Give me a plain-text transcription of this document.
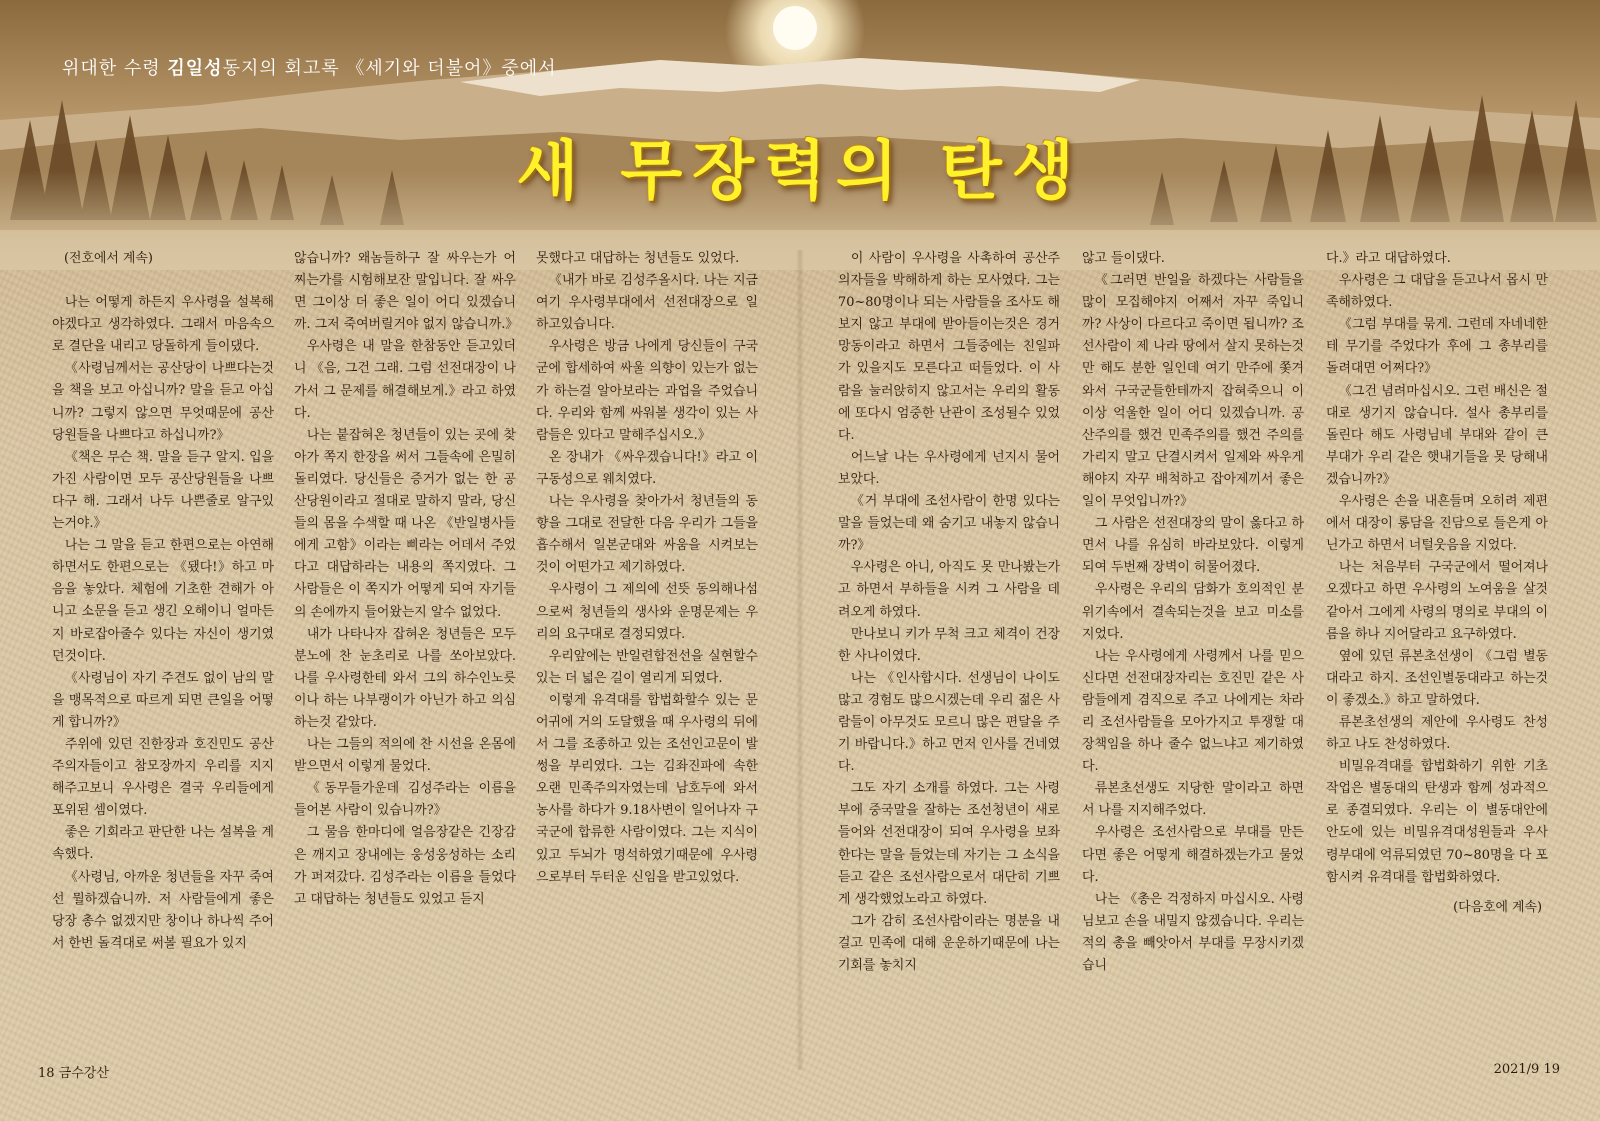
위대한 수령 김일성동지의 회고록 《세기와 더불어》중에서
새 무장력의 탄생

(전호에서 계속)

나는 어떻게 하든지 우사령을 설복해야겠다고 생각하였다. 그래서 마음속으로 결단을 내리고 당돌하게 들이댔다.

《사령님께서는 공산당이 나쁘다는것을 책을 보고 아십니까? 말을 듣고 아십니까? 그렇지 않으면 무엇때문에 공산당원들을 나쁘다고 하십니까?》

《책은 무슨 책. 말을 듣구 알지. 입을 가진 사람이면 모두 공산당원들을 나쁘다구 해. 그래서 나두 나쁜줄로 알구있는거야.》

나는 그 말을 듣고 한편으로는 아연해하면서도 한편으로는 《됐다!》하고 마음을 놓았다. 체험에 기초한 견해가 아니고 소문을 듣고 생긴 오해이니 얼마든지 바로잡아줄수 있다는 자신이 생기였던것이다.

《사령님이 자기 주견도 없이 남의 말을 맹목적으로 따르게 되면 큰일을 어떻게 합니까?》

주위에 있던 진한장과 호진민도 공산주의자들이고 참모장까지 우리를 지지해주고보니 우사령은 결국 우리들에게 포위된 셈이였다.

좋은 기회라고 판단한 나는 설복을 계속했다.

《사령님, 아까운 청년들을 자꾸 죽여선 뭘하겠습니까. 저 사람들에게 좋은 당장 총수 없겠지만 창이나 하나씩 주어서 한번 돌격대로 써볼 필요가 있지

않습니까? 왜놈들하구 잘 싸우는가 어찌는가를 시험해보잔 말입니다. 잘 싸우면 그이상 더 좋은 일이 어디 있겠습니까. 그저 죽여버릴거야 없지 않습니까.》

우사령은 내 말을 한참동안 듣고있더니 《음, 그건 그래. 그럼 선전대장이 나가서 그 문제를 해결해보게.》라고 하였다.

나는 붙잡혀온 청년들이 있는 곳에 찾아가 쪽지 한장을 써서 그들속에 은밀히 돌리였다. 당신들은 증거가 없는 한 공산당원이라고 절대로 말하지 말라, 당신들의 몸을 수색할 때 나온 《반일병사들에게 고함》이라는 삐라는 어데서 주었다고 대답하라는 내용의 쪽지였다. 그 사람들은 이 쪽지가 어떻게 되여 자기들의 손에까지 들어왔는지 알수 없었다.

내가 나타나자 잡혀온 청년들은 모두 분노에 찬 눈초리로 나를 쏘아보았다. 나를 우사령한테 와서 그의 하수인노릇이나 하는 나부랭이가 아닌가 하고 의심하는것 같았다.

나는 그들의 적의에 찬 시선을 온몸에 받으면서 이렇게 물었다.

《동무들가운데 김성주라는 이름을 들어본 사람이 있습니까?》

그 물음 한마디에 얼음장같은 긴장감은 깨지고 장내에는 웅성웅성하는 소리가 퍼져갔다. 김성주라는 이름을 들었다고 대답하는 청년들도 있었고 듣지

못했다고 대답하는 청년들도 있었다.

《내가 바로 김성주올시다. 나는 지금 여기 우사령부대에서 선전대장으로 일하고있습니다.

우사령은 방금 나에게 당신들이 구국군에 합세하여 싸울 의향이 있는가 없는가 하는걸 알아보라는 과업을 주었습니다. 우리와 함께 싸워볼 생각이 있는 사람들은 있다고 말해주십시오.》

온 장내가 《싸우겠습니다!》라고 이구동성으로 웨치였다.

나는 우사령을 찾아가서 청년들의 동향을 그대로 전달한 다음 우리가 그들을 흡수해서 일본군대와 싸움을 시켜보는것이 어떤가고 제기하였다.

우사령이 그 제의에 선뜻 동의해나섬으로써 청년들의 생사와 운명문제는 우리의 요구대로 결정되였다.

우리앞에는 반일련합전선을 실현할수 있는 더 넓은 길이 열리게 되였다.

이렇게 유격대를 합법화할수 있는 문어귀에 거의 도달했을 때 우사령의 뒤에서 그를 조종하고 있는 조선인고문이 발썽을 부리였다. 그는 김좌진파에 속한 오랜 민족주의자였는데 남호두에 와서 농사를 하다가 9.18사변이 일어나자 구국군에 합류한 사람이였다. 그는 지식이 있고 두뇌가 명석하였기때문에 우사령으로부터 두터운 신임을 받고있었다.

이 사람이 우사령을 사촉하여 공산주의자들을 박해하게 하는 모사였다. 그는 70~80명이나 되는 사람들을 조사도 해보지 않고 부대에 받아들이는것은 경거망동이라고 하면서 그들중에는 친일파가 있을지도 모른다고 떠들었다. 이 사람을 눌러앉히지 않고서는 우리의 활동에 또다시 엄중한 난관이 조성될수 있었다.

어느날 나는 우사령에게 넌지시 물어보았다.

《거 부대에 조선사람이 한명 있다는 말을 들었는데 왜 숨기고 내놓지 않습니까?》

우사령은 아니, 아직도 못 만나봤는가고 하면서 부하들을 시켜 그 사람을 데려오게 하였다.

만나보니 키가 무척 크고 체격이 건장한 사나이였다.

나는 《인사합시다. 선생님이 나이도 많고 경험도 많으시겠는데 우리 젊은 사람들이 아무것도 모르니 많은 편달을 주기 바랍니다.》하고 먼저 인사를 건네였다.

그도 자기 소개를 하였다. 그는 사령부에 중국말을 잘하는 조선청년이 새로 들어와 선전대장이 되여 우사령을 보좌한다는 말을 들었는데 자기는 그 소식을 듣고 같은 조선사람으로서 대단히 기쁘게 생각했었노라고 하였다.

그가 감히 조선사람이라는 명분을 내걸고 민족에 대해 운운하기때문에 나는 기회를 놓치지

않고 들이댔다.

《그러면 반일을 하겠다는 사람들을 많이 모집해야지 어째서 자꾸 죽입니까? 사상이 다르다고 죽이면 됩니까? 조선사람이 제 나라 땅에서 살지 못하는것만 해도 분한 일인데 여기 만주에 쫓겨와서 구국군들한테까지 잡혀죽으니 이 이상 억울한 일이 어디 있겠습니까. 공산주의를 했건 민족주의를 했건 주의를 가리지 말고 단결시켜서 일제와 싸우게 해야지 자꾸 배척하고 잡아제끼서 좋은 일이 무엇입니까?》

그 사람은 선전대장의 말이 옳다고 하면서 나를 유심히 바라보았다. 이렇게 되여 두번째 장벽이 허물어졌다.

우사령은 우리의 담화가 호의적인 분위기속에서 결속되는것을 보고 미소를 지었다.

나는 우사령에게 사령께서 나를 믿으신다면 선전대장자리는 호진민 같은 사람들에게 겸직으로 주고 나에게는 차라리 조선사람들을 모아가지고 투쟁할 대장책임을 하나 줄수 없느냐고 제기하였다.

류본초선생도 지당한 말이라고 하면서 나를 지지해주었다.

우사령은 조선사람으로 부대를 만든다면 좋은 어떻게 해결하겠는가고 물었다.

나는 《총은 걱정하지 마십시오. 사령님보고 손을 내밀지 않겠습니다. 우리는 적의 총을 빼앗아서 부대를 무장시키겠습니

다.》라고 대답하였다.

우사령은 그 대답을 듣고나서 몹시 만족해하였다.

《그럼 부대를 묶게. 그런데 자네네한테 무기를 주었다가 후에 그 총부리를 돌려대면 어쩌다?》

《그건 념려마십시오. 그런 배신은 절대로 생기지 않습니다. 설사 총부리를 돌린다 해도 사령님네 부대와 같이 큰 부대가 우리 같은 햇내기들을 못 당해내겠습니까?》

우사령은 손을 내흔들며 오히려 제편에서 대장이 롱담을 진담으로 들은게 아닌가고 하면서 너털웃음을 지었다.

나는 처음부터 구국군에서 떨어져나오겠다고 하면 우사령의 노여움을 살것 같아서 그에게 사령의 명의로 부대의 이름을 하나 지어달라고 요구하였다.

옆에 있던 류본초선생이 《그럼 별동대라고 하지. 조선인별동대라고 하는것이 좋겠소.》하고 말하였다.

류본초선생의 제안에 우사령도 찬성하고 나도 찬성하였다.

비밀유격대를 합법화하기 위한 기초작업은 별동대의 탄생과 함께 성과적으로 종결되였다. 우리는 이 별동대안에 안도에 있는 비밀유격대성원들과 우사령부대에 억류되였던 70~80명을 다 포함시켜 유격대를 합법화하였다.

(다음호에 계속)

18 금수강산	2021/9 19
